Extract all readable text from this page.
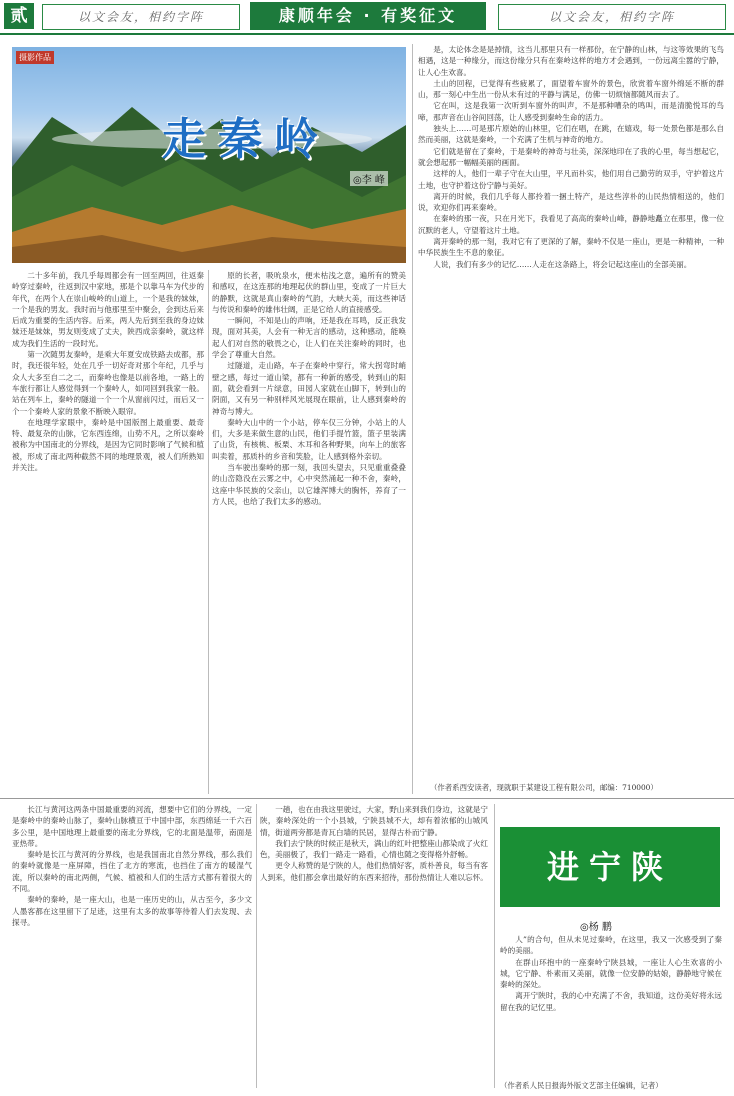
贰	以文会友，相约字阵	康顺年会 · 有奖征文	以文会友，相约字阵
摄影作品
走秦岭
◎李 峰

二十多年前，我几乎每周都会有一回至两回，往返秦岭穿过秦岭，往返到汉中家地，那是个以靠马车为代步的年代，在两个人在崇山峻岭的山道上，一个是我的妹妹，一个是我的男友。我时而与他那里至中聚会，会到达后来后成为重要的生活内容。后来，两人先后到至我的身边妹妹还是妹妹，男友则变成了丈夫，陕西成亲秦岭，就这样成为我们生活的一段时光。

第一次随男友秦岭，是乘大年夏安成铁路去成都，那时，我还很年轻，处在几乎一切好奇对那个年纪，几乎与众人大多至自二之二，而秦岭也像是以前各地，一路上的车旅行都让人感觉得到一个秦岭人，如同回到我家一般。站在列车上，秦岭的隧道一个一个从窗前闪过，而后又一个一个秦岭人家的景象不断映入眼帘。

在地理学家眼中，秦岭是中国版图上最重要、最奇特、最复杂的山脉，它东西连绵，山势不凡，之所以秦岭被称为中国南北的分界线，是因为它同时影响了气候和植被，形成了南北两种截然不同的地理景观，被人们所熟知并关注。

原的长者，吸吮泉水，便未枯浅之意，遍所有的赞美和感叹，在这连那的地理起伏的群山里，变成了一片巨大的静默，这就是真山秦岭的气韵，大峡大美，而这些神话与传说和秦岭的雄伟壮阔，正是它给人的直接感受。

一瞬间，不知是山的声响，还是我在耳鸣，反正我发现，面对其美，人会有一种无言的感动，这种感动，能唤起人们对自然的敬畏之心，让人们在关注秦岭的同时，也学会了尊重大自然。

过隧道，走山路，车子在秦岭中穿行，常大拐弯时峭壁之感，每过一道山梁，都有一种新的感受，转到山的阳面，就会看到一片绿意，田园人家就在山脚下，转到山的阴面，又有另一种别样风光展现在眼前，让人感到秦岭的神奇与博大。

秦岭大山中的一个小站，停车仅三分钟，小站上的人们，大多是来做生意的山民，他们手提竹篮，篮子里装满了山货，有核桃、板栗、木耳和各种野果，向车上的旅客叫卖着，那质朴的乡音和笑脸，让人感到格外亲切。

当车驶出秦岭的那一刻，我回头望去，只见重重叠叠的山峦隐没在云雾之中，心中突然涌起一种不舍，秦岭，这座中华民族的父亲山，以它雄浑博大的胸怀，养育了一方人民，也给了我们太多的感动。

是，太论体念是是掉情，这当儿那里只有一样那份，在宁静的山林，与这等效果的飞鸟相遇，这是一种缘分，而这份缘分只有在秦岭这样的地方才会遇到，一份远离尘嚣的宁静，让人心生欢喜。

土山的回程，已觉得有些疲累了，面望着车窗外的景色，欣赏着车窗外绵延不断的群山，那一刻心中生出一份从未有过的平静与满足，仿佛一切烦恼都随风而去了。

它在叫，这是我第一次听到车窗外的叫声，不是那种嘈杂的鸣叫，而是清脆悦耳的鸟啼，那声音在山谷间回荡，让人感受到秦岭生命的活力。

独头上……可是那片原始的山林里，它们在唱，在跳，在嬉戏，每一处景色都是那么自然而美丽，这就是秦岭，一个充满了生机与神奇的地方。

它们就是留在了秦岭，于是秦岭的神奇与壮美，深深地印在了我的心里，每当想起它，就会想起那一幅幅美丽的画面。

这样的人，他们一辈子守在大山里，平凡而朴实，他们用自己勤劳的双手，守护着这片土地，也守护着这份宁静与美好。

离开的时候，我们几乎每人都拎着一捆土特产，是这些淳朴的山民热情相送的，他们说，欢迎你们再来秦岭。

在秦岭的那一夜，只在月光下，我看见了高高的秦岭山峰，静静地矗立在那里，像一位沉默的老人，守望着这片土地。

离开秦岭的那一刻，我对它有了更深的了解，秦岭不仅是一座山，更是一种精神，一种中华民族生生不息的象征。

人说，我们有多少的记忆……人走在这条路上，将会记起这座山的全部美丽。

（作者系西安读者，现就职于某建设工程有限公司，邮编：710000）

长江与黄河这两条中国最重要的河流，想要中它们的分界线，一定是秦岭中的秦岭山脉了，秦岭山脉横亘于中国中部，东西绵延一千六百多公里，是中国地理上最重要的南北分界线，它的北面是温带，南面是亚热带。

秦岭是长江与黄河的分界线，也是我国南北自然分界线，那么我们的秦岭就像是一座屏障，挡住了北方的寒流，也挡住了南方的暖湿气流，所以秦岭的南北两侧，气候、植被和人们的生活方式都有着很大的不同。

秦岭的秦岭，是一座大山，也是一座历史的山，从古至今，多少文人墨客都在这里留下了足迹，这里有太多的故事等待着人们去发现、去探寻。

一趟，也在由我这里驶过，大家，野山来到我们身边，这就是宁陕，秦岭深处的一个小县城，宁陕县城不大，却有着浓郁的山城风情，街道两旁都是青瓦白墙的民居，显得古朴而宁静。

我们去宁陕的时候正是秋天，满山的红叶把整座山都染成了火红色，美丽极了，我们一路走一路看，心情也随之变得格外舒畅。

更令人称赞的是宁陕的人，他们热情好客，质朴善良，每当有客人到来，他们都会拿出最好的东西来招待，那份热情让人难以忘怀。	进宁陕
◎杨 鹏

人”的合句，但从未见过秦岭，在这里，我又一次感受到了秦岭的美丽。

在群山环抱中的一座秦岭宁陕县城，一座让人心生欢喜的小城，它宁静、朴素而又美丽，就像一位安静的姑娘，静静地守候在秦岭的深处。

离开宁陕时，我的心中充满了不舍，我知道，这份美好将永远留在我的记忆里。

（作者系人民日报海外版文艺部主任编辑，记者）
